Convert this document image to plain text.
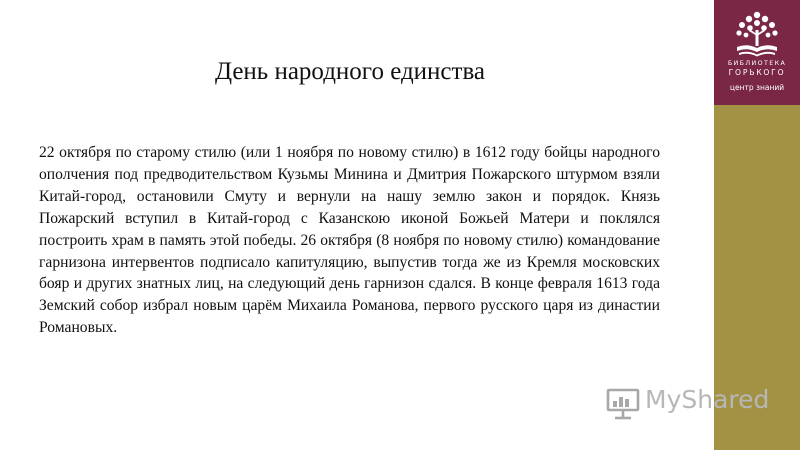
День народного единства
22 октября по старому стилю (или 1 ноября по новому стилю) в 1612 году бойцы народного ополчения под предводительством Кузьмы Минина и Дмитрия Пожарского штурмом взяли Китай-город, остановили Смуту и вернули на нашу землю закон и порядок. Князь Пожарский вступил в Китай-город с Казанскою иконой Божьей Матери и поклялся построить храм в память этой победы. 26 октября (8 ноября по новому стилю) командование гарнизона интервентов подписало капитуляцию, выпустив тогда же из Кремля московских бояр и других знатных лиц, на следующий день гарнизон сдался. В конце февраля 1613 года Земский собор избрал новым царём Михаила Романова, первого русского царя из династии Романовых.
БИБЛИОТЕКА
ГОРЬКОГО
центр знаний
MyShared
